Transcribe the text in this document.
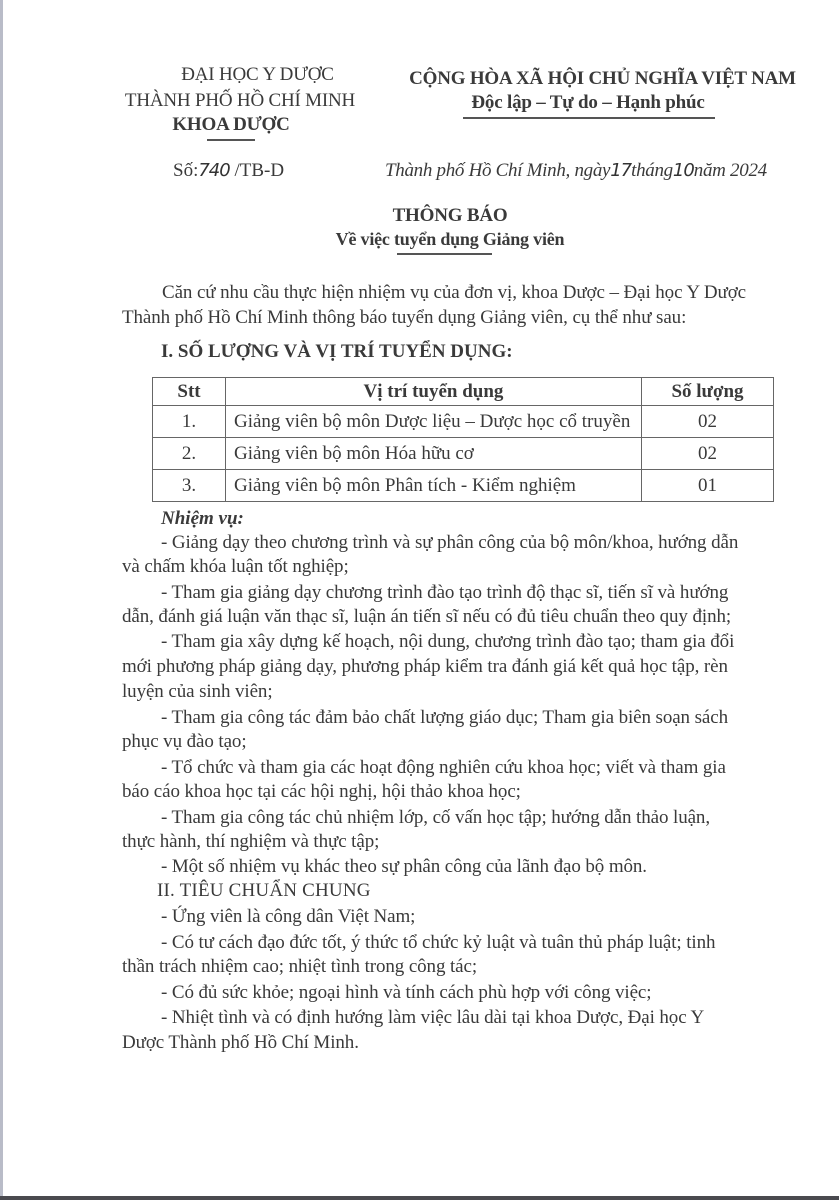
ĐẠI HỌC Y DƯỢC
THÀNH PHỐ HỒ CHÍ MINH
KHOA DƯỢC
CỘNG HÒA XÃ HỘI CHỦ NGHĨA VIỆT NAM
Độc lập – Tự do – Hạnh phúc
Số:740 /TB-D	Thành phố Hồ Chí Minh, ngày17tháng10năm 2024
THÔNG BÁO
Về việc tuyển dụng Giảng viên
Căn cứ nhu cầu thực hiện nhiệm vụ của đơn vị, khoa Dược – Đại học Y Dược
Thành phố Hồ Chí Minh thông báo tuyển dụng Giảng viên, cụ thể như sau:
I. SỐ LƯỢNG VÀ VỊ TRÍ TUYỂN DỤNG:
Stt	Vị trí tuyển dụng	Số lượng
1.	Giảng viên bộ môn Dược liệu – Dược học cổ truyền	02
2.	Giảng viên bộ môn Hóa hữu cơ	02
3.	Giảng viên bộ môn Phân tích - Kiểm nghiệm	01
Nhiệm vụ:
- Giảng dạy theo chương trình và sự phân công của bộ môn/khoa, hướng dẫn
và chấm khóa luận tốt nghiệp;
- Tham gia giảng dạy chương trình đào tạo trình độ thạc sĩ, tiến sĩ và hướng
dẫn, đánh giá luận văn thạc sĩ, luận án tiến sĩ nếu có đủ tiêu chuẩn theo quy định;
- Tham gia xây dựng kế hoạch, nội dung, chương trình đào tạo; tham gia đổi
mới phương pháp giảng dạy, phương pháp kiểm tra đánh giá kết quả học tập, rèn
luyện của sinh viên;
- Tham gia công tác đảm bảo chất lượng giáo dục; Tham gia biên soạn sách
phục vụ đào tạo;
- Tổ chức và tham gia các hoạt động nghiên cứu khoa học; viết và tham gia
báo cáo khoa học tại các hội nghị, hội thảo khoa học;
- Tham gia công tác chủ nhiệm lớp, cố vấn học tập; hướng dẫn thảo luận,
thực hành, thí nghiệm và thực tập;
- Một số nhiệm vụ khác theo sự phân công của lãnh đạo bộ môn.
II. TIÊU CHUẨN CHUNG
- Ứng viên là công dân Việt Nam;
- Có tư cách đạo đức tốt, ý thức tổ chức kỷ luật và tuân thủ pháp luật; tinh
thần trách nhiệm cao; nhiệt tình trong công tác;
- Có đủ sức khỏe; ngoại hình và tính cách phù hợp với công việc;
- Nhiệt tình và có định hướng làm việc lâu dài tại khoa Dược, Đại học Y
Dược Thành phố Hồ Chí Minh.
